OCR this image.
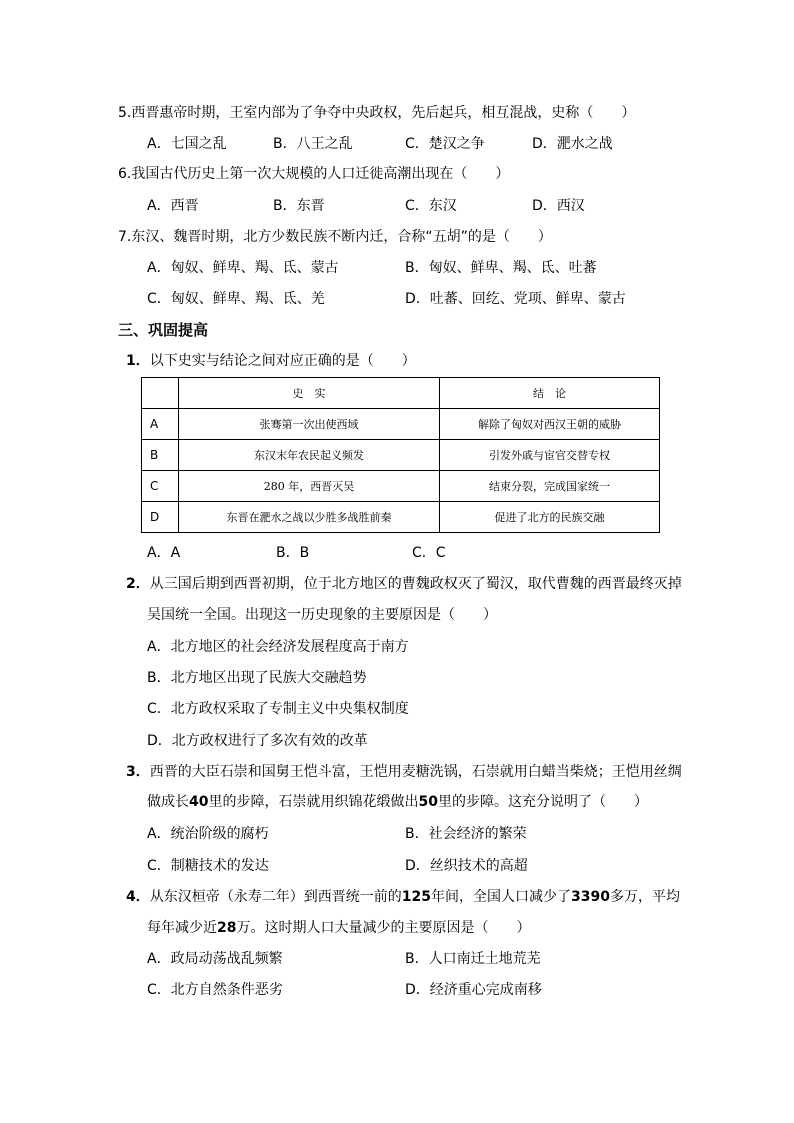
5.西晋惠帝时期，王室内部为了争夺中央政权，先后起兵，相互混战，史称（　　）
A．七国之乱	B．八王之乱	C．楚汉之争	D．淝水之战
6.我国古代历史上第一次大规模的人口迁徙高潮出现在（　　）
A．西晋	B．东晋	C．东汉	D．西汉
7.东汉、魏晋时期，北方少数民族不断内迁，合称“五胡”的是（　　）
A．匈奴、鲜卑、羯、氐、蒙古	B．匈奴、鲜卑、羯、氐、吐蕃
C．匈奴、鲜卑、羯、氐、羌	D．吐蕃、回纥、党项、鲜卑、蒙古
三、巩固提高
1．以下史实与结论之间对应正确的是（　　）
	史　实	结　论
A	张骞第一次出使西域	解除了匈奴对西汉王朝的威胁
B	东汉末年农民起义频发	引发外戚与宦官交替专权
C	280 年，西晋灭吴	结束分裂，完成国家统一
D	东晋在淝水之战以少胜多战胜前秦	促进了北方的民族交融
A．A	B．B	C．C
2．从三国后期到西晋初期，位于北方地区的曹魏政权灭了蜀汉，取代曹魏的西晋最终灭掉
吴国统一全国。出现这一历史现象的主要原因是（　　）
A．北方地区的社会经济发展程度高于南方
B．北方地区出现了民族大交融趋势
C．北方政权采取了专制主义中央集权制度
D．北方政权进行了多次有效的改革
3．西晋的大臣石崇和国舅王恺斗富，王恺用麦糖洗锅，石崇就用白蜡当柴烧；王恺用丝绸
做成长40里的步障，石崇就用织锦花缎做出50里的步障。这充分说明了（　　）
A．统治阶级的腐朽	B．社会经济的繁荣
C．制糖技术的发达	D．丝织技术的高超
4．从东汉桓帝（永寿二年）到西晋统一前的125年间，全国人口减少了3390多万，平均
每年减少近28万。这时期人口大量减少的主要原因是（　　）
A．政局动荡战乱频繁	B．人口南迁土地荒芜
C．北方自然条件恶劣	D．经济重心完成南移
